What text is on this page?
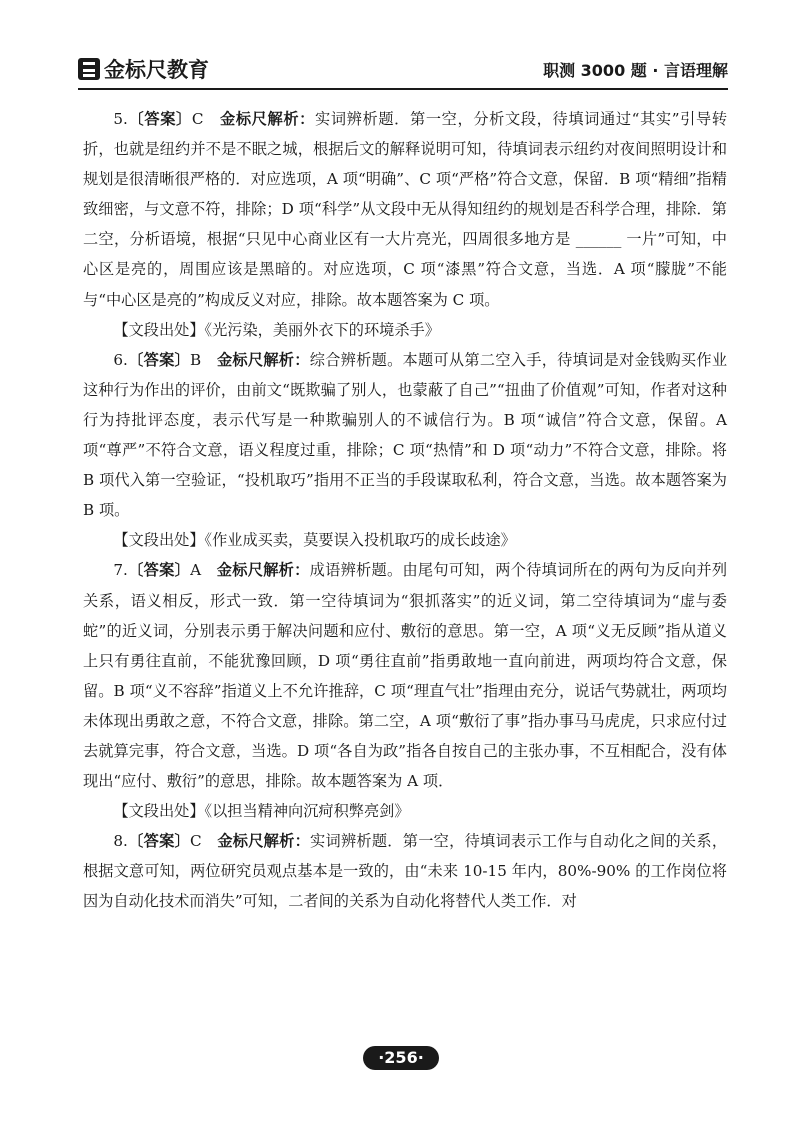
金标尺教育	职测 3000 题 · 言语理解

5.〔答案〕C　 金标尺解析：实词辨析题．第一空，分析文段，待填词通过“其实”引导转折，也就是纽约并不是不眠之城，根据后文的解释说明可知，待填词表示纽约对夜间照明设计和规划是很清晰很严格的．对应选项，A 项“明确”、C 项“严格”符合文意，保留．B 项“精细”指精致细密，与文意不符，排除；D 项“科学”从文段中无从得知纽约的规划是否科学合理，排除．第二空，分析语境，根据“只见中心商业区有一大片亮光，四周很多地方是 ______ 一片”可知，中心区是亮的，周围应该是黑暗的。对应选项，C 项“漆黑”符合文意，当选．A 项“朦胧”不能与“中心区是亮的”构成反义对应，排除。故本题答案为 C 项。

【文段出处】《光污染，美丽外衣下的环境杀手》

6.〔答案〕B　 金标尺解析：综合辨析题。本题可从第二空入手，待填词是对金钱购买作业这种行为作出的评价，由前文“既欺骗了别人，也蒙蔽了自己”“扭曲了价值观”可知，作者对这种行为持批评态度，表示代写是一种欺骗别人的不诚信行为。B 项“诚信”符合文意，保留。A 项“尊严”不符合文意，语义程度过重，排除；C 项“热情”和 D 项“动力”不符合文意，排除。将 B 项代入第一空验证，“投机取巧”指用不正当的手段谋取私利，符合文意，当选。故本题答案为 B 项。

【文段出处】《作业成买卖，莫要误入投机取巧的成长歧途》

7.〔答案〕A　 金标尺解析：成语辨析题。由尾句可知，两个待填词所在的两句为反向并列关系，语义相反，形式一致．第一空待填词为“狠抓落实”的近义词，第二空待填词为“虚与委蛇”的近义词，分别表示勇于解决问题和应付、敷衍的意思。第一空，A 项“义无反顾”指从道义上只有勇往直前，不能犹豫回顾，D 项“勇往直前”指勇敢地一直向前进，两项均符合文意，保留。B 项“义不容辞”指道义上不允许推辞，C 项“理直气壮”指理由充分，说话气势就壮，两项均未体现出勇敢之意，不符合文意，排除。第二空，A 项“敷衍了事”指办事马马虎虎，只求应付过去就算完事，符合文意，当选。D 项“各自为政”指各自按自己的主张办事，不互相配合，没有体现出“应付、敷衍”的意思，排除。故本题答案为 A 项．

【文段出处】《以担当精神向沉疴积弊亮剑》

8.〔答案〕C　 金标尺解析：实词辨析题．第一空，待填词表示工作与自动化之间的关系，根据文意可知，两位研究员观点基本是一致的，由“未来 10-15 年内，80%-90% 的工作岗位将因为自动化技术而消失”可知，二者间的关系为自动化将替代人类工作．对

·256·
